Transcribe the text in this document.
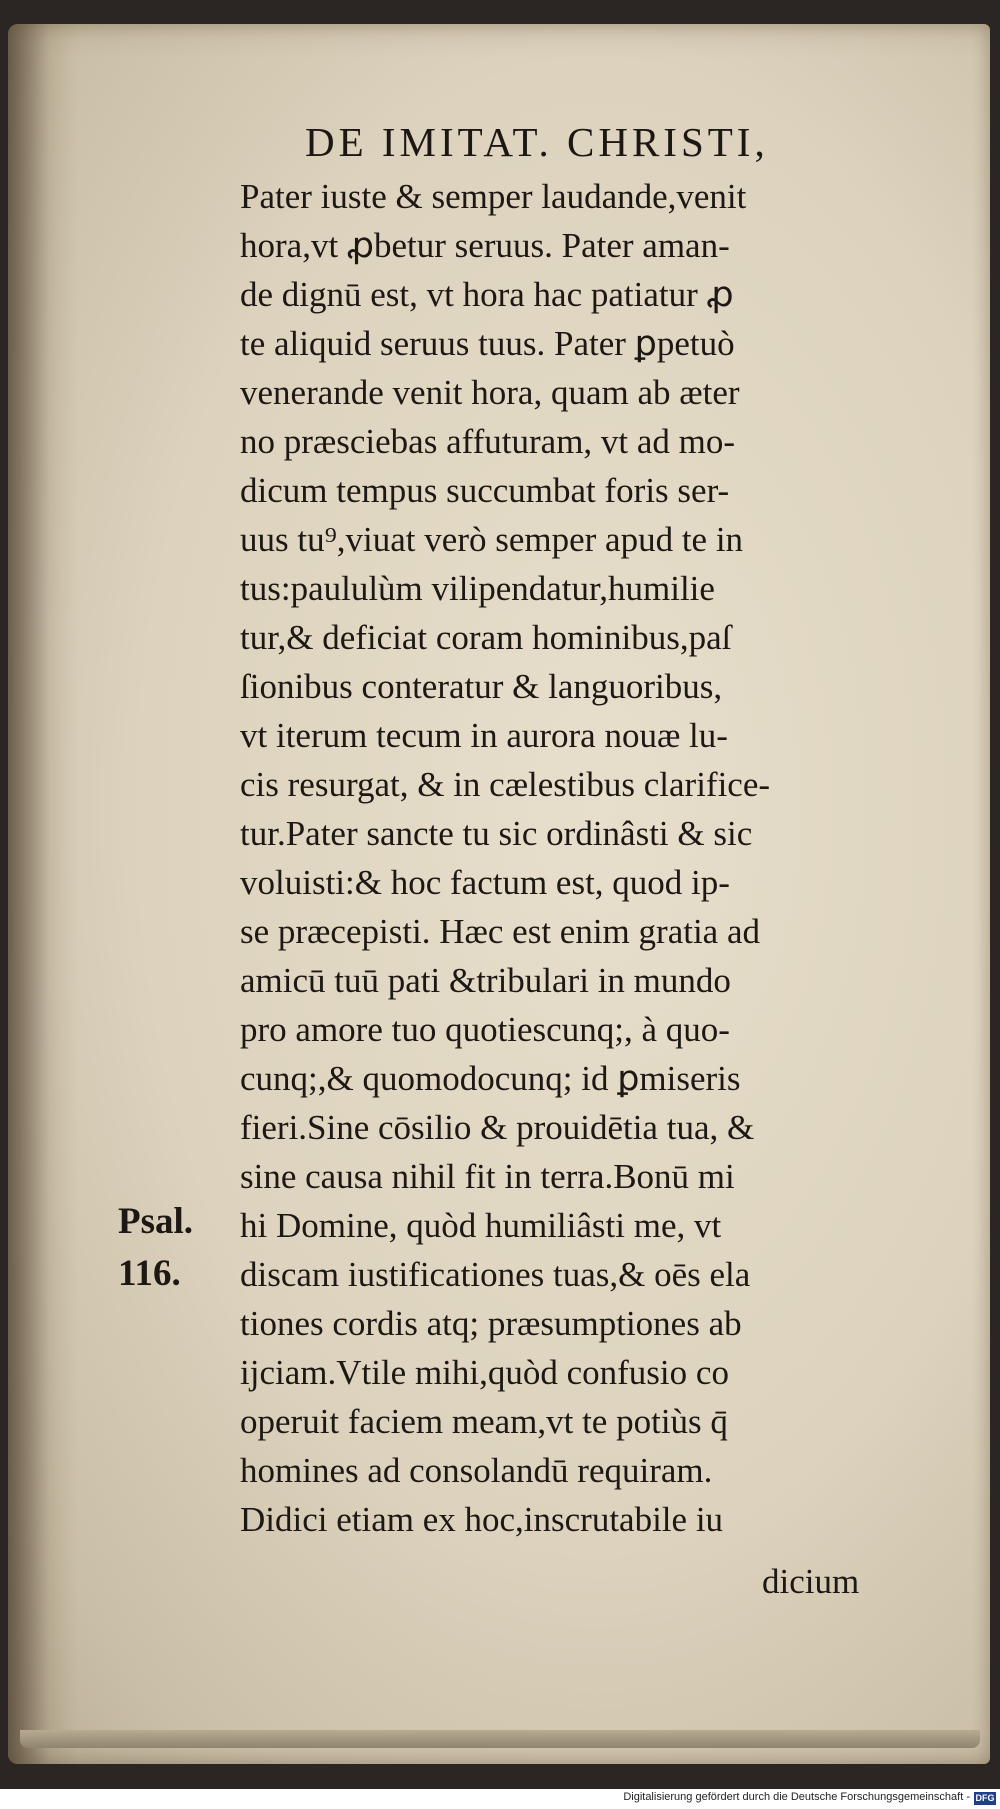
DE IMITAT. CHRISTI,
Psal.
116.
Pater iuste & semper laudande,venit
hora,vt ꝓbetur seruus. Pater aman-
de dignū est, vt hora hac patiatur ꝓ
te aliquid seruus tuus. Pater ꝑpetuò
venerande venit hora, quam ab æter
no præsciebas affuturam, vt ad mo-
dicum tempus succumbat foris ser-
uus tu⁹,viuat verò semper apud te in
tus:paululùm vilipendatur,humilie
tur,& deficiat coram hominibus,paſ
ſionibus conteratur & languoribus,
vt iterum tecum in aurora nouæ lu-
cis resurgat, & in cælestibus clarifice-
tur.Pater sancte tu sic ordinâsti & sic
voluisti:& hoc factum est, quod ip-
se præcepisti. Hæc est enim gratia ad
amicū tuū pati &tribulari in mundo
pro amore tuo quotiescunq;, à quo-
cunq;,& quomodocunq; id ꝑmiseris
fieri.Sine cōsilio & prouidētia tua, &
sine causa nihil fit in terra.Bonū mi
hi Domine, quòd humiliâsti me, vt
discam iustificationes tuas,& oēs ela
tiones cordis atq; præsumptiones ab
ijciam.Vtile mihi,quòd confusio co
operuit faciem meam,vt te potiùs q̄
homines ad consolandū requiram.
Didici etiam ex hoc,inscrutabile iu
dicium
Digitalisierung gefördert durch die Deutsche Forschungsgemeinschaft - DFG
